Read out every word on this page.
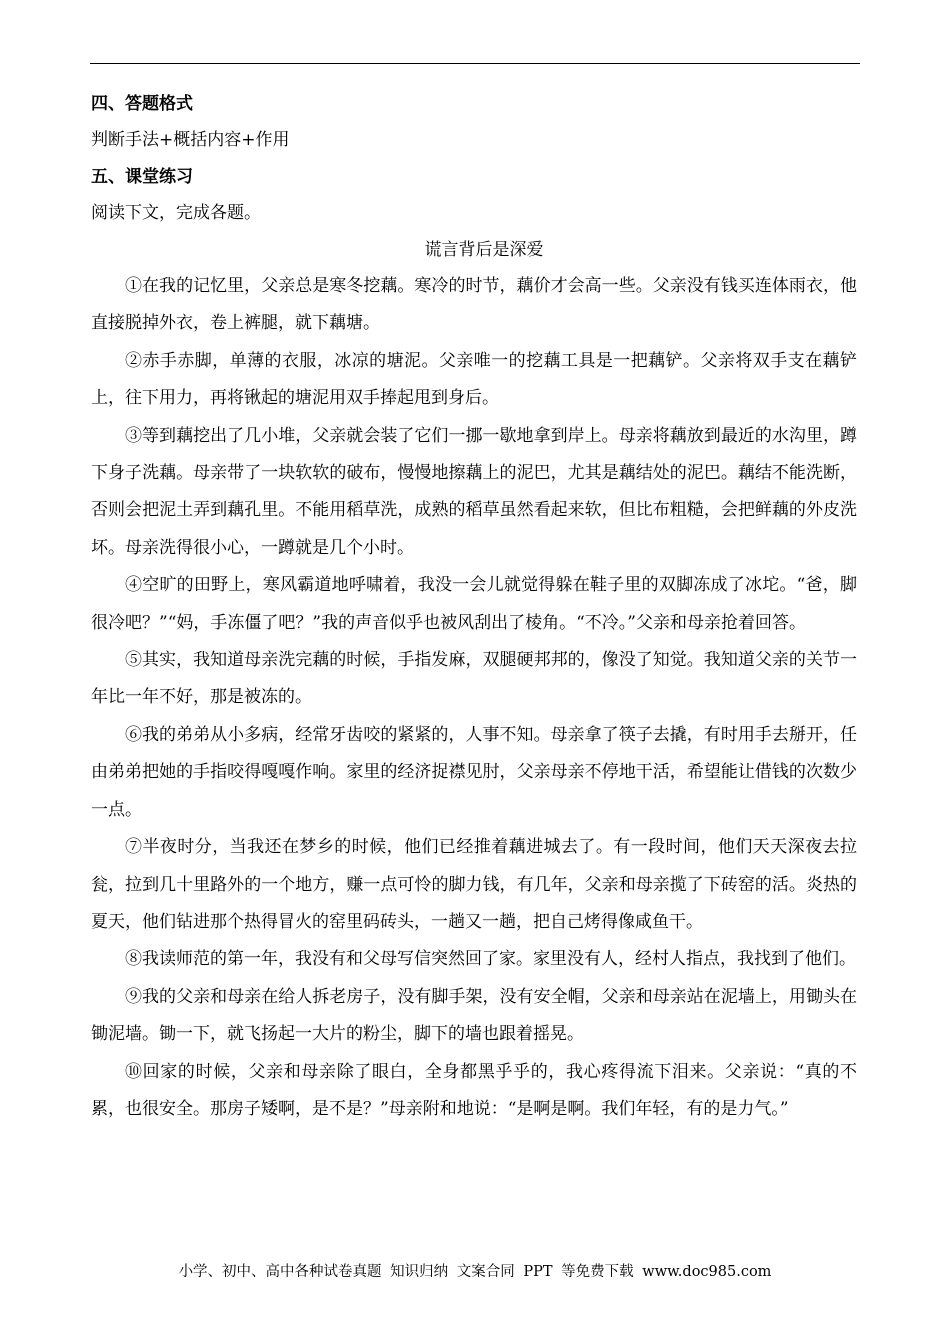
四、答题格式

判断手法+概括内容+作用

五、课堂练习

阅读下文，完成各题。

谎言背后是深爱

①在我的记忆里，父亲总是寒冬挖藕。寒冷的时节，藕价才会高一些。父亲没有钱买连体雨衣，他直接脱掉外衣，卷上裤腿，就下藕塘。

②赤手赤脚，单薄的衣服，冰凉的塘泥。父亲唯一的挖藕工具是一把藕铲。父亲将双手支在藕铲上，往下用力，再将锹起的塘泥用双手捧起甩到身后。

③等到藕挖出了几小堆，父亲就会装了它们一挪一歇地拿到岸上。母亲将藕放到最近的水沟里，蹲下身子洗藕。母亲带了一块软软的破布，慢慢地擦藕上的泥巴，尤其是藕结处的泥巴。藕结不能洗断，否则会把泥土弄到藕孔里。不能用稻草洗，成熟的稻草虽然看起来软，但比布粗糙，会把鲜藕的外皮洗坏。母亲洗得很小心，一蹲就是几个小时。

④空旷的田野上，寒风霸道地呼啸着，我没一会儿就觉得躲在鞋子里的双脚冻成了冰坨。“爸，脚很冷吧？”“妈，手冻僵了吧？”我的声音似乎也被风刮出了棱角。“不冷。”父亲和母亲抢着回答。

⑤其实，我知道母亲洗完藕的时候，手指发麻，双腿硬邦邦的，像没了知觉。我知道父亲的关节一年比一年不好，那是被冻的。

⑥我的弟弟从小多病，经常牙齿咬的紧紧的，人事不知。母亲拿了筷子去撬，有时用手去掰开，任由弟弟把她的手指咬得嘎嘎作响。家里的经济捉襟见肘，父亲母亲不停地干活，希望能让借钱的次数少一点。

⑦半夜时分，当我还在梦乡的时候，他们已经推着藕进城去了。有一段时间，他们天天深夜去拉瓮，拉到几十里路外的一个地方，赚一点可怜的脚力钱，有几年，父亲和母亲揽了下砖窑的活。炎热的夏天，他们钻进那个热得冒火的窑里码砖头，一趟又一趟，把自己烤得像咸鱼干。

⑧我读师范的第一年，我没有和父母写信突然回了家。家里没有人，经村人指点，我找到了他们。

⑨我的父亲和母亲在给人拆老房子，没有脚手架，没有安全帽，父亲和母亲站在泥墙上，用锄头在锄泥墙。锄一下，就飞扬起一大片的粉尘，脚下的墙也跟着摇晃。

⑩回家的时候，父亲和母亲除了眼白，全身都黑乎乎的，我心疼得流下泪来。父亲说：“真的不累，也很安全。那房子矮啊，是不是？”母亲附和地说：“是啊是啊。我们年轻，有的是力气。”

小学、初中、高中各种试卷真题 知识归纳 文案合同 PPT 等免费下载 www.doc985.com
